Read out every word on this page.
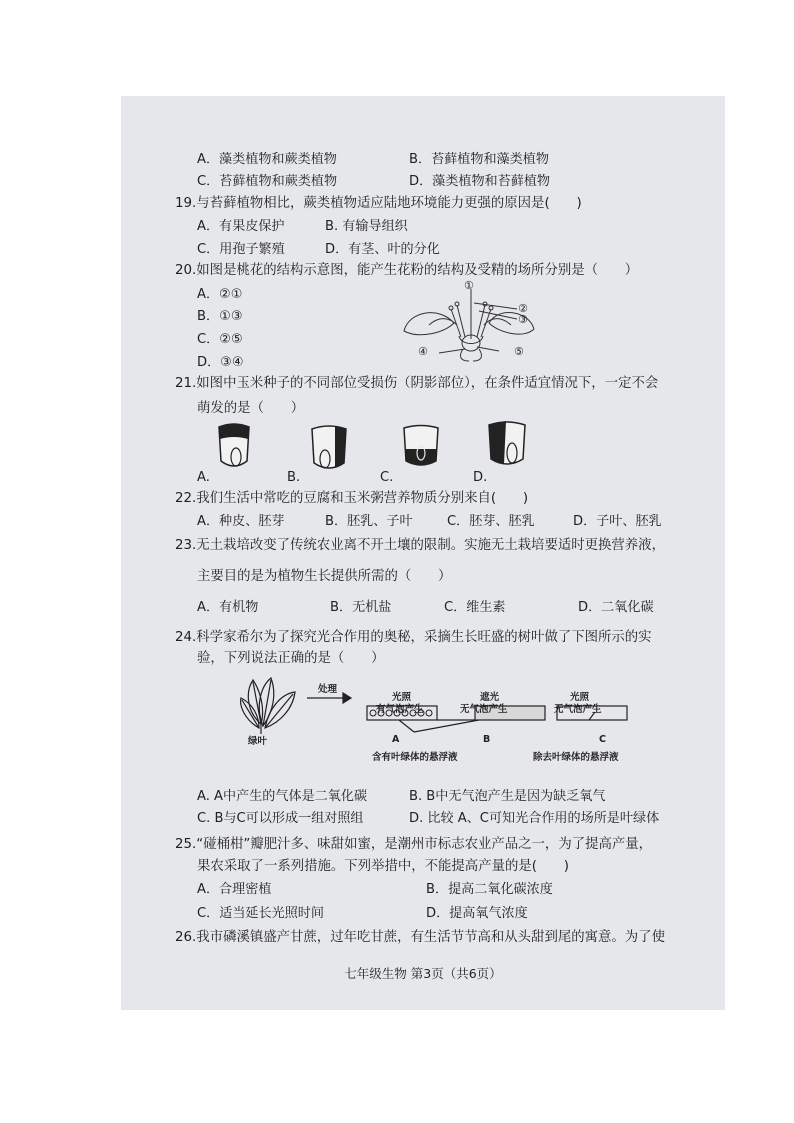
A．藻类植物和蕨类植物	B．苔藓植物和藻类植物
C．苔藓植物和蕨类植物	D．藻类植物和苔藓植物
19.与苔藓植物相比，蕨类植物适应陆地环境能力更强的原因是(　　)
A．有果皮保护	B. 有输导组织
C．用孢子繁殖	D．有茎、叶的分化
20.如图是桃花的结构示意图，能产生花粉的结构及受精的场所分别是（　　）
A．②①
B．①③
C．②⑤
D．③④
①
②
③
④	⑤
21.如图中玉米种子的不同部位受损伤（阴影部位），在条件适宜情况下，一定不会
萌发的是（　　）
A.	B.	C.	D.
22.我们生活中常吃的豆腐和玉米粥营养物质分别来自(　　)
A．种皮、胚芽	B．胚乳、子叶	C．胚芽、胚乳	D．子叶、胚乳
23.无土栽培改变了传统农业离不开土壤的限制。实施无土栽培要适时更换营养液，
主要目的是为植物生长提供所需的（　　）
A．有机物	B．无机盐	C．维生素	D．二氧化碳
24.科学家希尔为了探究光合作用的奥秘，采摘生长旺盛的树叶做了下图所示的实
验，下列说法正确的是（　　）
绿叶
处理
光照
有气泡产生
A
遮光
无气泡产生
B
光照
无气泡产生
C
含有叶绿体的悬浮液	除去叶绿体的悬浮液
A. A中产生的气体是二氧化碳	B. B中无气泡产生是因为缺乏氧气
C. B与C可以形成一组对照组	D. 比较 A、C可知光合作用的场所是叶绿体
25.“碰桶柑”瓣肥汁多、味甜如蜜，是潮州市标志农业产品之一，为了提高产量，
果农采取了一系列措施。下列举措中，不能提高产量的是(　　)
A．合理密植	B．提高二氧化碳浓度
C．适当延长光照时间	D．提高氧气浓度
26.我市磷溪镇盛产甘蔗，过年吃甘蔗，有生活节节高和从头甜到尾的寓意。为了使
七年级生物 第3页（共6页）
